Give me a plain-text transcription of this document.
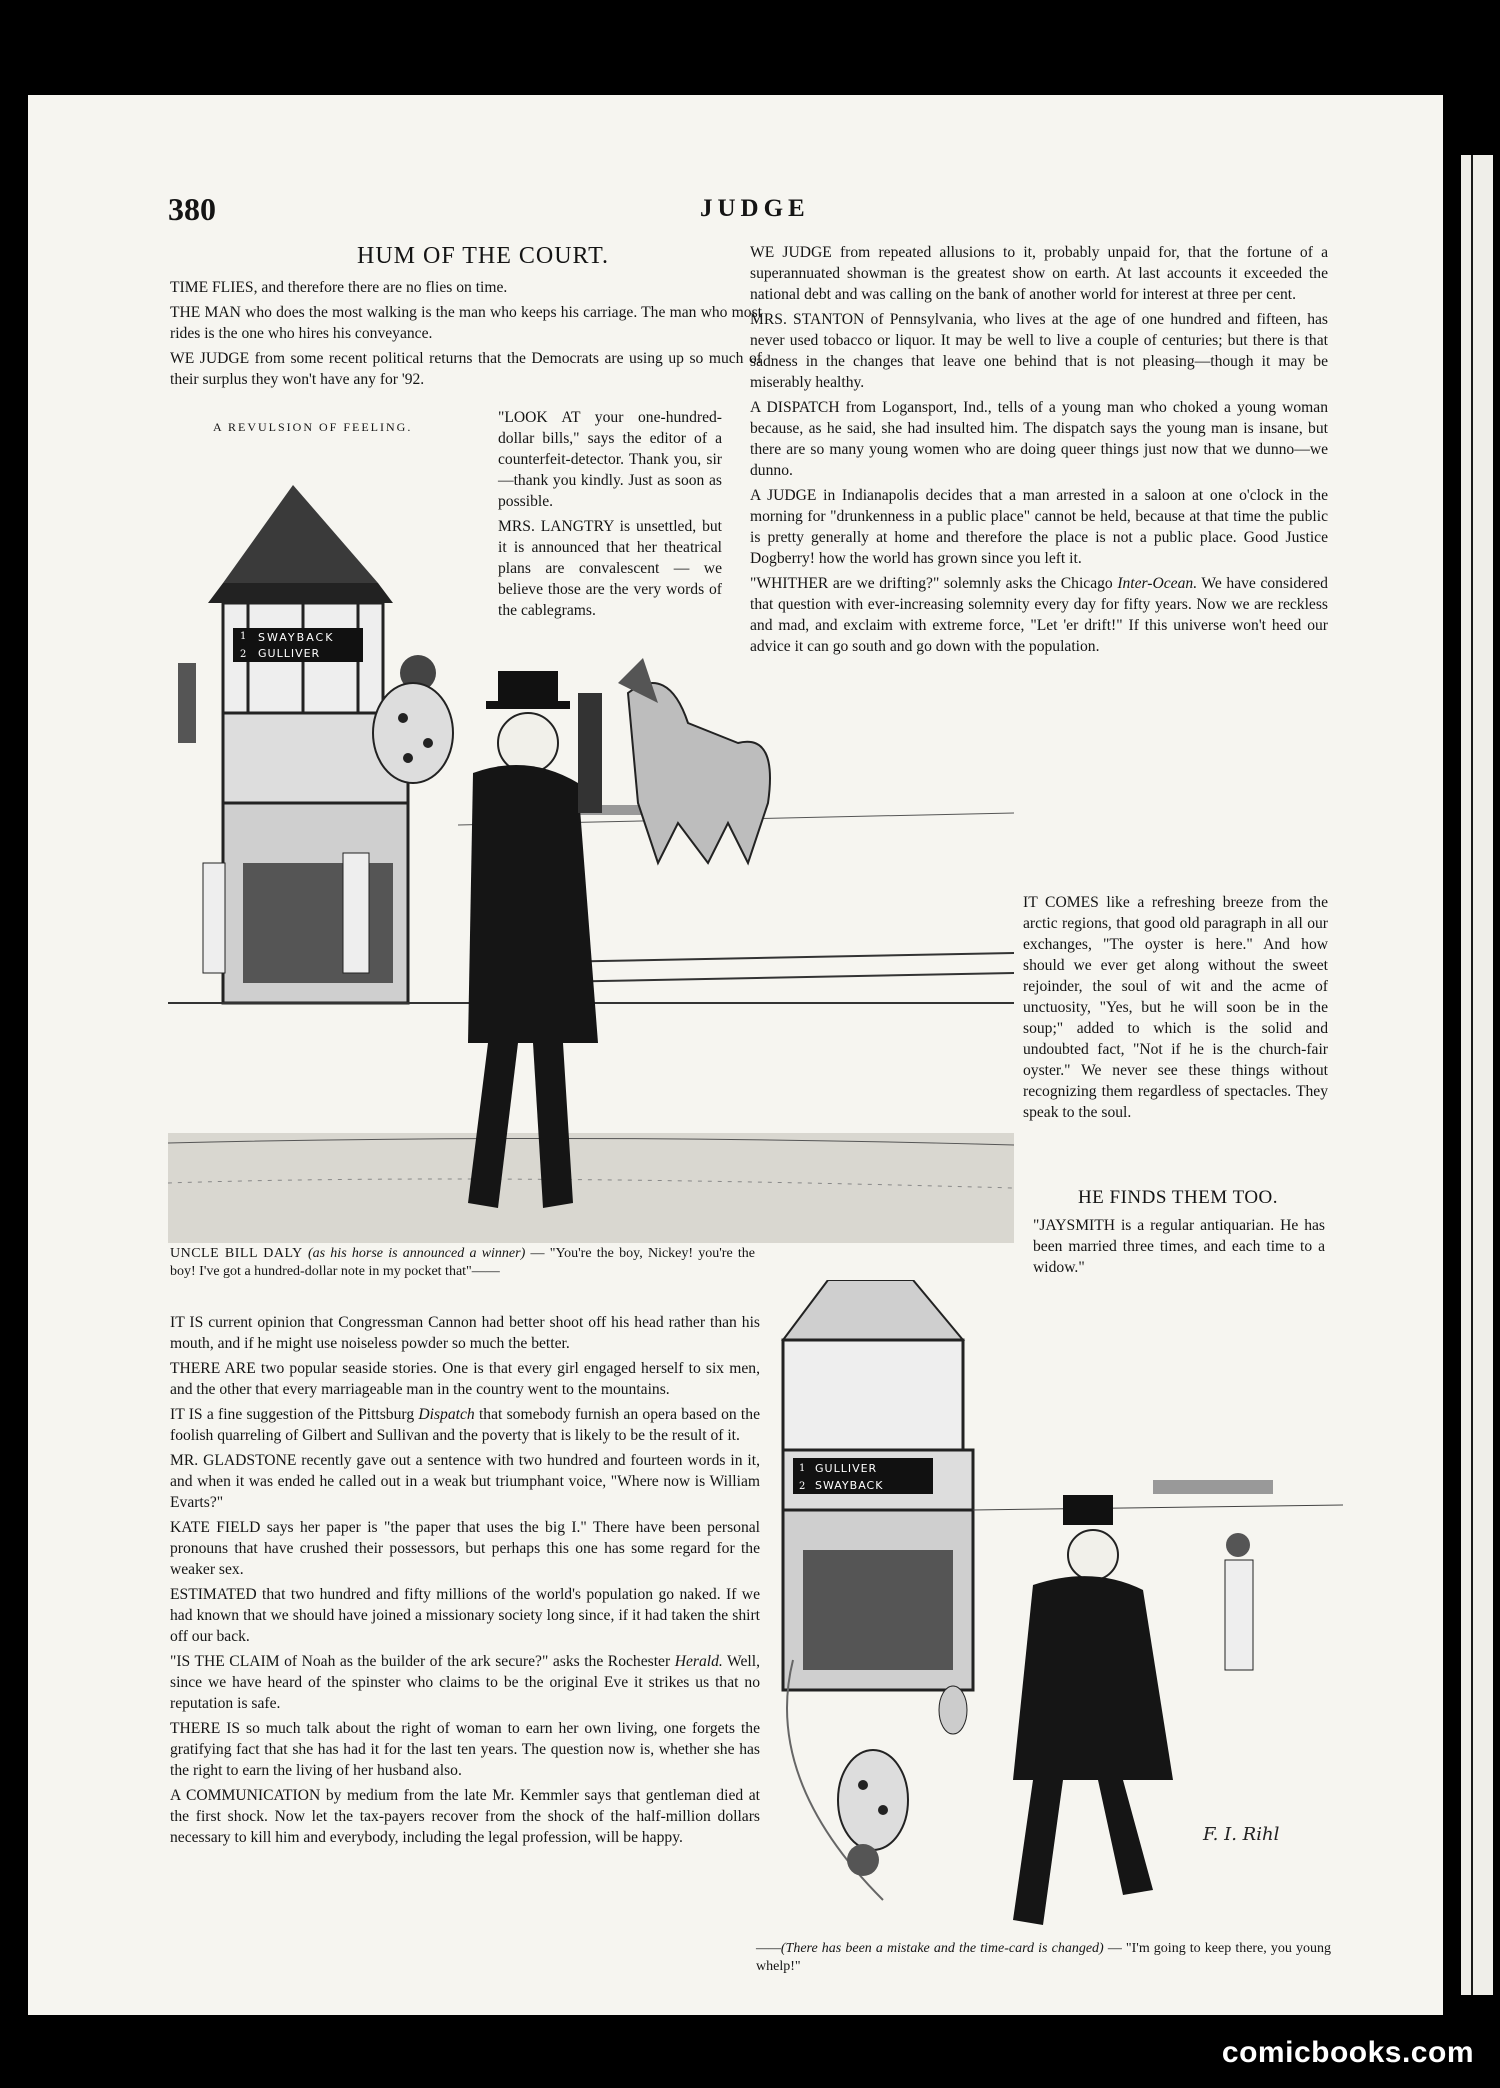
380	JUDGE
HUM OF THE COURT.

TIME FLIES, and therefore there are no flies on time.

THE MAN who does the most walking is the man who keeps his carriage. The man who most rides is the one who hires his conveyance.

WE JUDGE from some recent political returns that the Democrats are using up so much of their surplus they won't have any for '92.

A REVULSION OF FEELING.
1
2
SWAYBACK
GULLIVER
UNCLE BILL DALY (as his horse is announced a winner) — "You're the boy, Nickey! you're the boy! I've got a hundred-dollar note in my pocket that"——

"LOOK AT your one-hundred-dollar bills," says the editor of a counterfeit-detector. Thank you, sir —thank you kindly. Just as soon as possible.

MRS. LANGTRY is unsettled, but it is announced that her theatrical plans are convalescent — we believe those are the very words of the cablegrams.

IT IS current opinion that Congressman Cannon had better shoot off his head rather than his mouth, and if he might use noiseless powder so much the better.

THERE ARE two popular seaside stories. One is that every girl engaged herself to six men, and the other that every marriageable man in the country went to the mountains.

IT IS a fine suggestion of the Pittsburg Dispatch that somebody furnish an opera based on the foolish quarreling of Gilbert and Sullivan and the poverty that is likely to be the result of it.

MR. GLADSTONE recently gave out a sentence with two hundred and fourteen words in it, and when it was ended he called out in a weak but triumphant voice, "Where now is William Evarts?"

KATE FIELD says her paper is "the paper that uses the big I." There have been personal pronouns that have crushed their possessors, but perhaps this one has some regard for the weaker sex.

ESTIMATED that two hundred and fifty millions of the world's population go naked. If we had known that we should have joined a missionary society long since, if it had taken the shirt off our back.

"IS THE CLAIM of Noah as the builder of the ark secure?" asks the Rochester Herald. Well, since we have heard of the spinster who claims to be the original Eve it strikes us that no reputation is safe.

THERE IS so much talk about the right of woman to earn her own living, one forgets the gratifying fact that she has had it for the last ten years. The question now is, whether she has the right to earn the living of her husband also.

A COMMUNICATION by medium from the late Mr. Kemmler says that gentleman died at the first shock. Now let the tax-payers recover from the shock of the half-million dollars necessary to kill him and everybody, including the legal profession, will be happy.

WE JUDGE from repeated allusions to it, probably unpaid for, that the fortune of a superannuated showman is the greatest show on earth. At last accounts it exceeded the national debt and was calling on the bank of another world for interest at three per cent.

MRS. STANTON of Pennsylvania, who lives at the age of one hundred and fifteen, has never used tobacco or liquor. It may be well to live a couple of centuries; but there is that sadness in the changes that leave one behind that is not pleasing—though it may be miserably healthy.

A DISPATCH from Logansport, Ind., tells of a young man who choked a young woman because, as he said, she had insulted him. The dispatch says the young man is insane, but there are so many young women who are doing queer things just now that we dunno—we dunno.

A JUDGE in Indianapolis decides that a man arrested in a saloon at one o'clock in the morning for "drunkenness in a public place" cannot be held, because at that time the public is pretty generally at home and therefore the place is not a public place. Good Justice Dogberry! how the world has grown since you left it.

"WHITHER are we drifting?" solemnly asks the Chicago Inter-Ocean. We have considered that question with ever-increasing solemnity every day for fifty years. Now we are reckless and mad, and exclaim with extreme force, "Let 'er drift!" If this universe won't heed our advice it can go south and go down with the population.

IT COMES like a refreshing breeze from the arctic regions, that good old paragraph in all our exchanges, "The oyster is here." And how should we ever get along without the sweet rejoinder, the soul of wit and the acme of unctuosity, "Yes, but he will soon be in the soup;" added to which is the solid and undoubted fact, "Not if he is the church-fair oyster." We never see these things without recognizing them regardless of spectacles. They speak to the soul.

HE FINDS THEM TOO.

"JAYSMITH is a regular antiquarian. He has been married three times, and each time to a widow."

"How does that show him to be an antiquarian?"

"Well, he's a relict-hunter."

1
2
GULLIVER
SWAYBACK
F. I. Rihl
——(There has been a mistake and the time-card is changed) — "I'm going to keep there, you young whelp!"
comicbooks.com
